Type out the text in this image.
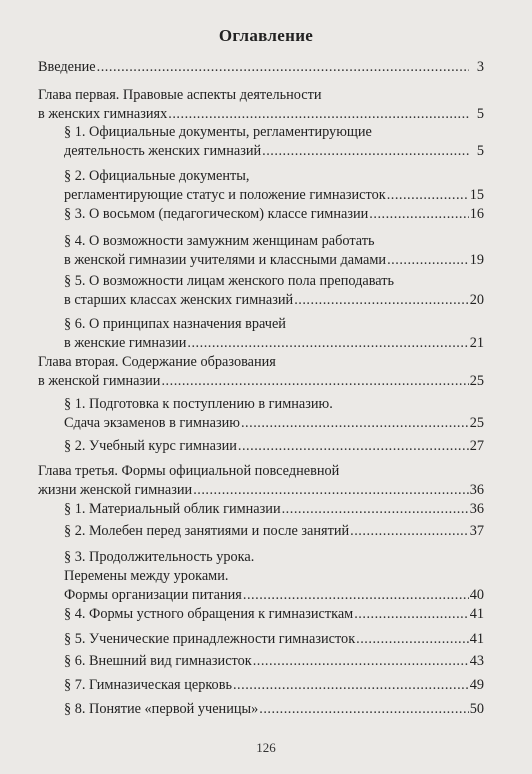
Оглавление
Введение .....	3
Глава первая. Правовые аспекты деятельности
в женских гимназиях .....	5
§ 1. Официальные документы, регламентирующие
деятельность женских гимназий .....	5
§ 2. Официальные документы,
регламентирующие статус и положение гимназисток .....	15
§ 3. О восьмом (педагогическом) классе гимназии .....	16
§ 4. О возможности замужним женщинам работать
в женской гимназии учителями и классными дамами .....	19
§ 5. О возможности лицам женского пола преподавать
в старших классах женских гимназий .....	20
§ 6. О принципах назначения врачей
в женские гимназии .....	21
Глава вторая. Содержание образования
в женской гимназии .....	25
§ 1. Подготовка к поступлению в гимназию.
Сдача экзаменов в гимназию .....	25
§ 2. Учебный курс гимназии .....	27
Глава третья. Формы официальной повседневной
жизни женской гимназии .....	36
§ 1. Материальный облик гимназии .....	36
§ 2. Молебен перед занятиями и после занятий .....	37
§ 3. Продолжительность урока.
Перемены между уроками.
Формы организации питания .....	40
§ 4. Формы устного обращения к гимназисткам .....	41
§ 5. Ученические принадлежности гимназисток .....	41
§ 6. Внешний вид гимназисток .....	43
§ 7. Гимназическая церковь .....	49
§ 8. Понятие «первой ученицы» .....	50
126
